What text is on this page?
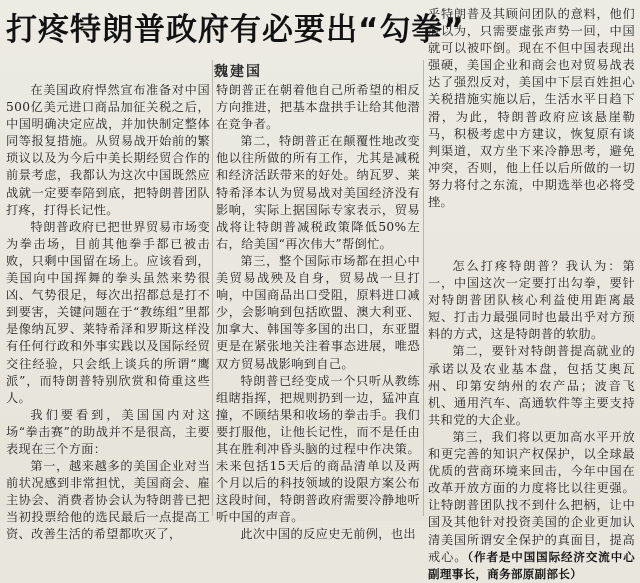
打疼特朗普政府有必要出“勾拳”
魏建国

在美国政府悍然宣布准备对中国500亿美元进口商品加征关税之后，中国明确决定应战，并加快制定整体同等报复措施。从贸易战开始前的繁琐议以及为今后中美长期经贸合作的前景考虑，我都认为这次中国既然应战就一定要奉陪到底，把特朗普团队打疼，打得长记性。

特朗普政府已把世界贸易市场变为拳击场，目前其他拳手都已被击败，只剩中国留在场上。应该看到，美国向中国挥舞的拳头虽然来势很凶、气势很足，每次出招都总是打不到要害，关键问题在于“教练组”里都是像纳瓦罗、莱特希泽和罗斯这样没有任何行政和外事实践以及国际经贸交往经验，只会纸上谈兵的所谓“鹰派”，而特朗普特别欣赏和倚重这些人。

我们要看到，美国国内对这场“拳击赛”的助战并不是很高，主要表现在三个方面：

第一，越来越多的美国企业对当前状况感到非常担忧，美国商会、雇主协会、消费者协会认为特朗普已把当初投票给他的选民最后一点提高工资、改善生活的希望都吹灭了，

特朗普正在朝着他自己所希望的相反方向推进，把基本盘拱手让给其他潜在竞争者。

第二，特朗普正在颠覆性地改变他以往所做的所有工作，尤其是减税和经济活跃带来的好处。纳瓦罗、莱特希泽本认为贸易战对美国经济没有影响，实际上据国际专家表示，贸易战将让特朗普减税政策降低50%左右，给美国“再次伟大”帮倒忙。

第三，整个国际市场都在担心中美贸易战殃及自身，贸易战一旦打响，中国商品出口受阻，原料进口减少，会影响到包括欧盟、澳大利亚、加拿大、韩国等多国的出口，东亚盟更是在紧张地关注着事态进展，唯恐双方贸易战影响到自己。

特朗普已经变成一个只听从教练组瞎指挥，把规则扔到一边，猛冲直撞，不顾结果和收场的拳击手。我们要打服他，让他长记性，而不是任由其在胜利冲昏头脑的过程中作决策。未来包括15天后的商品清单以及两个月以后的科技领域的设限方案公布这段时间，特朗普政府需要冷静地听听中国的声音。

此次中国的反应史无前例，也出

乎特朗普及其顾问团队的意料，他们原以为，只需要虚张声势一回，中国就可以被吓倒。现在不但中国表现出强硬，美国企业和商会也对贸易战表达了强烈反对，美国中下层百姓担心关税措施实施以后，生活水平日趋下滑，为此，特朗普政府应该悬崖勒马，积极考虑中方建议，恢复原有谈判渠道，双方坐下来冷静思考，避免冲突，否则，他上任以后所做的一切努力将付之东流，中期选举也必将受挫。

怎么打疼特朗普？我认为：第一，中国这次一定要打出勾拳，要针对特朗普团队核心利益使用距离最短、打击力最强同时也最出乎对方预料的方式，这是特朗普的软肋。

第二，要针对特朗普提高就业的承诺以及农业基本盘，包括艾奥瓦州、印第安纳州的农产品；波音飞机、通用汽车、高通软件等主要支持共和党的大企业。

第三，我们将以更加高水平开放和更完善的知识产权保护，以全球最优质的营商环境来回击，今年中国在改革开放方面的力度将比以往更强。让特朗普团队找不到什么把柄，让中国及其他针对投资美国的企业更加认清美国所谓安全保护的真面目，提高戒心。（作者是中国国际经济交流中心副理事长，商务部原副部长）
